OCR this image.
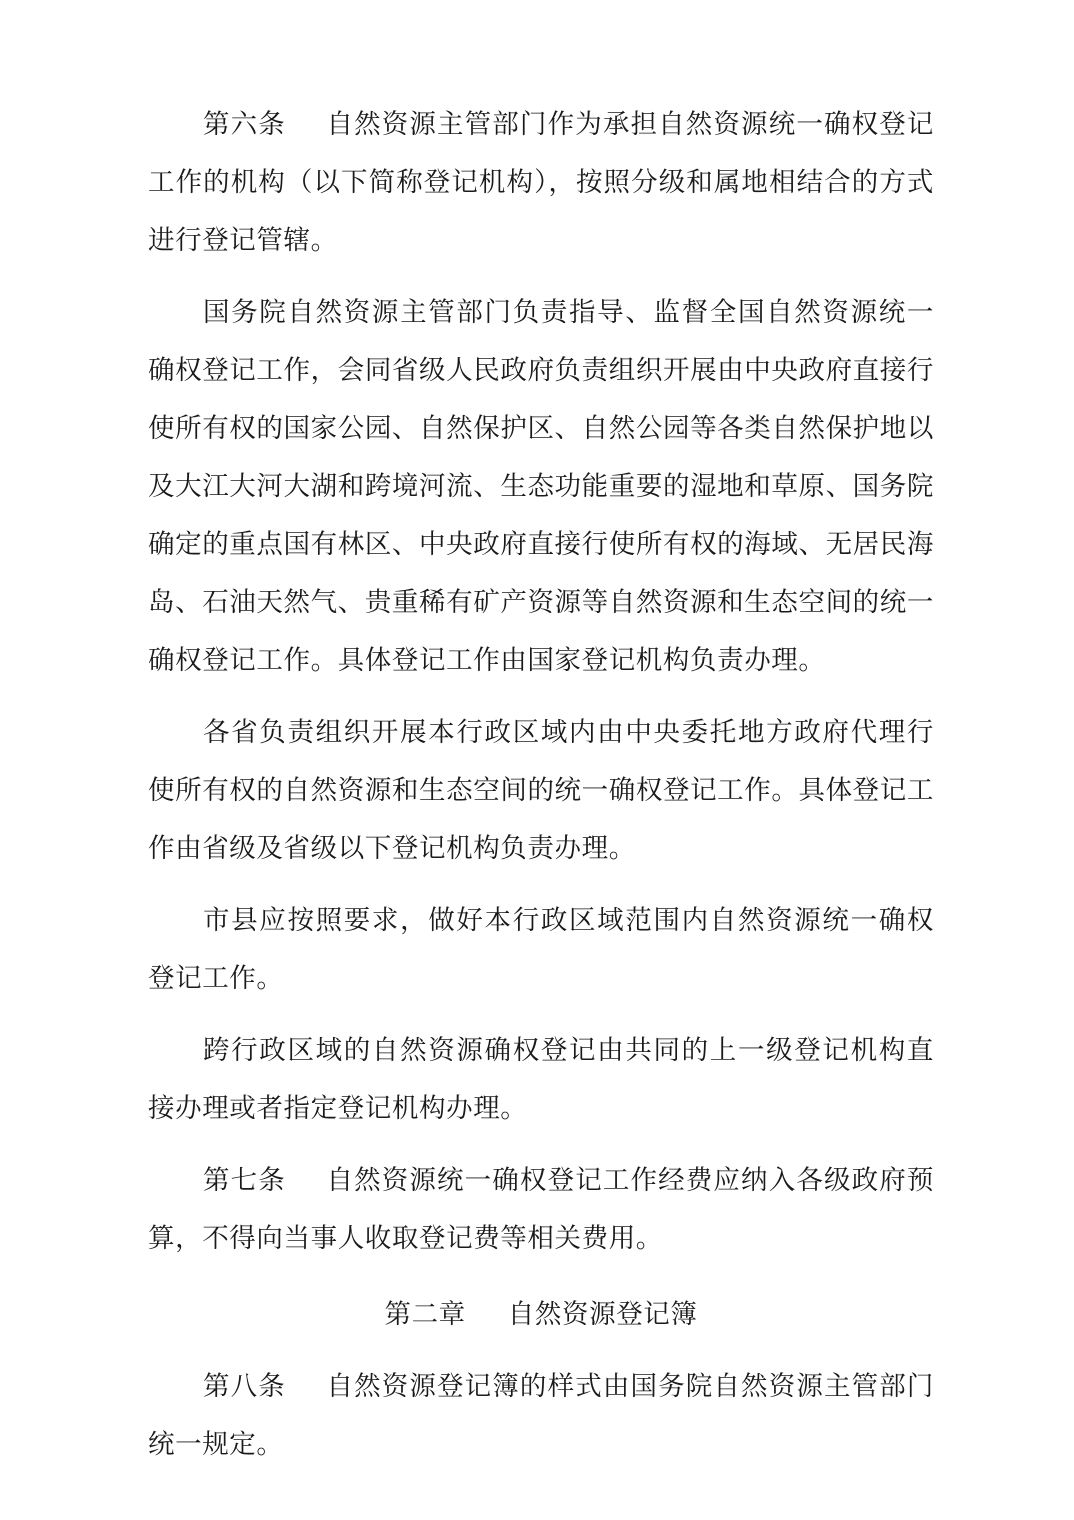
第六条 自然资源主管部门作为承担自然资源统一确权登记工作的机构（以下简称登记机构），按照分级和属地相结合的方式进行登记管辖。

国务院自然资源主管部门负责指导、监督全国自然资源统一确权登记工作，会同省级人民政府负责组织开展由中央政府直接行使所有权的国家公园、自然保护区、自然公园等各类自然保护地以及大江大河大湖和跨境河流、生态功能重要的湿地和草原、国务院确定的重点国有林区、中央政府直接行使所有权的海域、无居民海岛、石油天然气、贵重稀有矿产资源等自然资源和生态空间的统一确权登记工作。具体登记工作由国家登记机构负责办理。

各省负责组织开展本行政区域内由中央委托地方政府代理行使所有权的自然资源和生态空间的统一确权登记工作。具体登记工作由省级及省级以下登记机构负责办理。

市县应按照要求，做好本行政区域范围内自然资源统一确权登记工作。

跨行政区域的自然资源确权登记由共同的上一级登记机构直接办理或者指定登记机构办理。

第七条 自然资源统一确权登记工作经费应纳入各级政府预算，不得向当事人收取登记费等相关费用。

第二章 自然资源登记簿

第八条 自然资源登记簿的样式由国务院自然资源主管部门统一规定。
